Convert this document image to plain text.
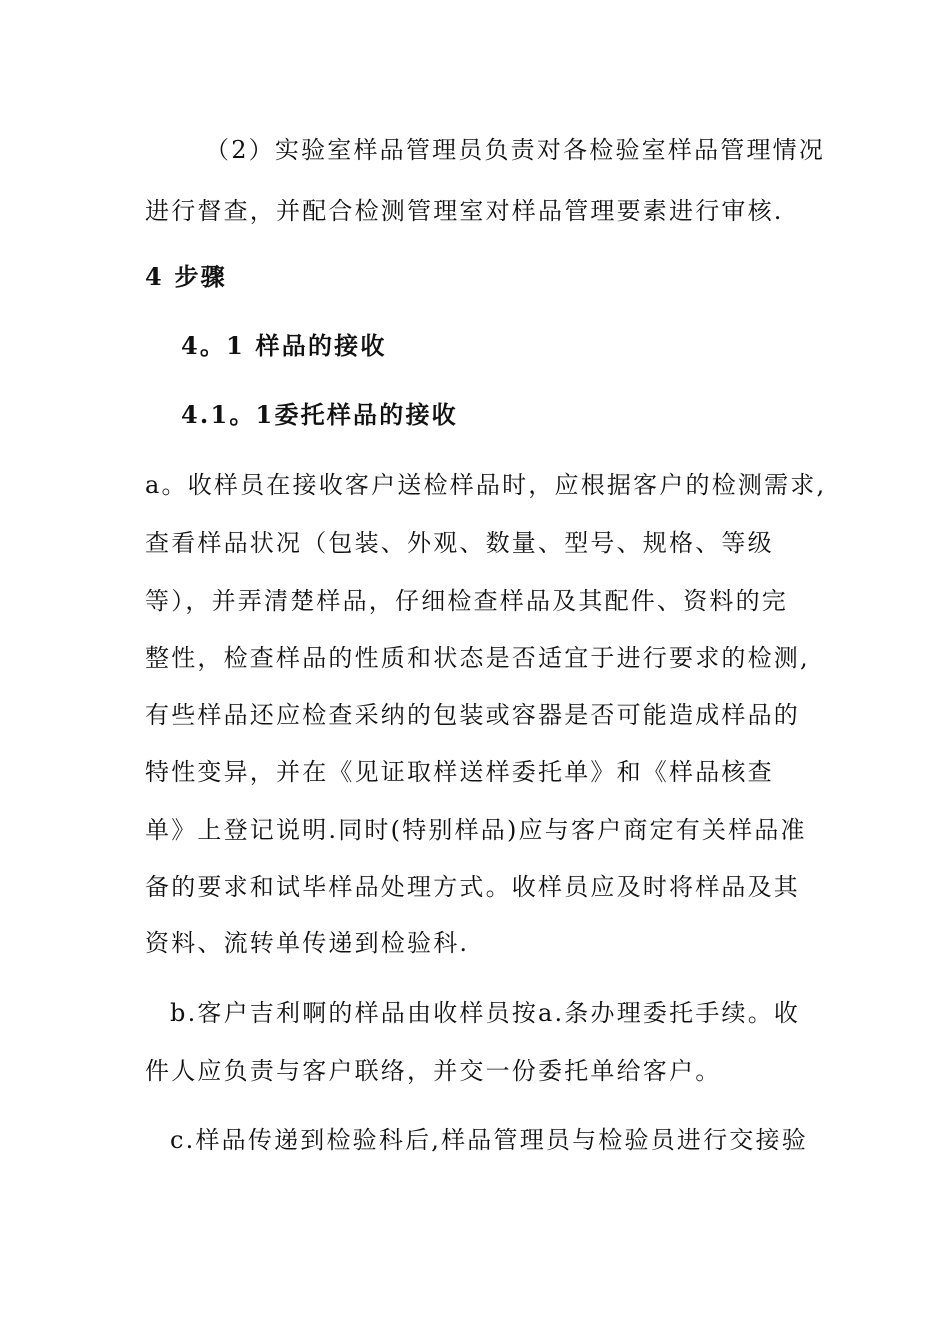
（2）实验室样品管理员负责对各检验室样品管理情况
进行督查，并配合检测管理室对样品管理要素进行审核.
4 步骤
4。1 样品的接收
4.1。1委托样品的接收
a。收样员在接收客户送检样品时，应根据客户的检测需求,
查看样品状况（包装、外观、数量、型号、规格、等级
等），并弄清楚样品，仔细检查样品及其配件、资料的完
整性，检查样品的性质和状态是否适宜于进行要求的检测,
有些样品还应检查采纳的包装或容器是否可能造成样品的
特性变异，并在《见证取样送样委托单》和《样品核查
单》上登记说明.同时(特别样品)应与客户商定有关样品准
备的要求和试毕样品处理方式。收样员应及时将样品及其
资料、流转单传递到检验科.
b.客户吉利啊的样品由收样员按a.条办理委托手续。收
件人应负责与客户联络，并交一份委托单给客户。
c.样品传递到检验科后,样品管理员与检验员进行交接验
